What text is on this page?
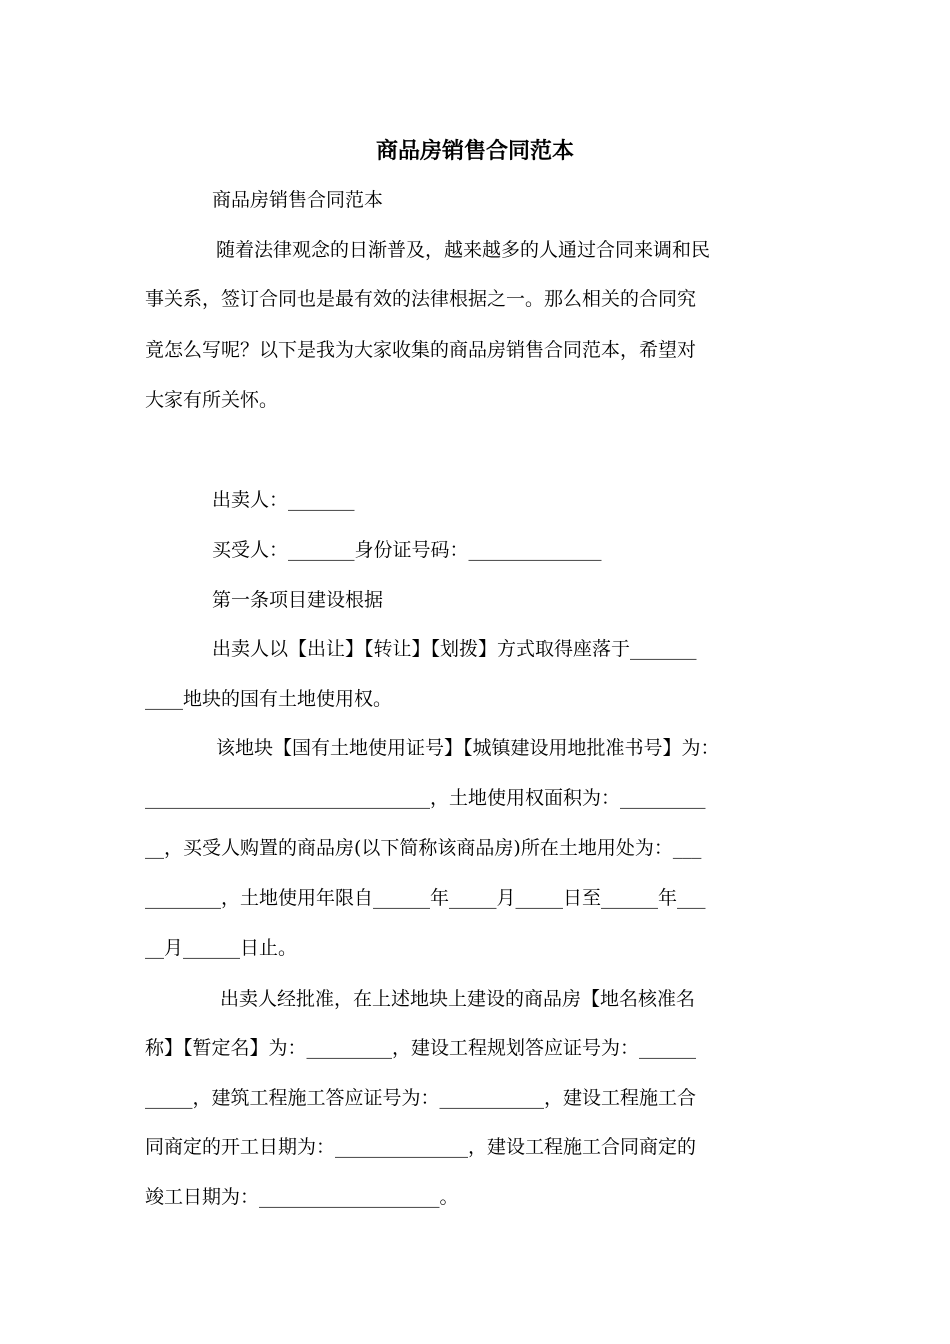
商品房销售合同范本
商品房销售合同范本
随着法律观念的日渐普及，越来越多的人通过合同来调和民
事关系，签订合同也是最有效的法律根据之一。那么相关的合同究
竟怎么写呢？以下是我为大家收集的商品房销售合同范本，希望对
大家有所关怀。
出卖人：_______
买受人：_______身份证号码：______________
第一条项目建设根据
出卖人以【出让】【转让】【划拨】方式取得座落于_______
____地块的国有土地使用权。
该地块【国有土地使用证号】【城镇建设用地批准书号】为：
______________________________，土地使用权面积为：_________
__，买受人购置的商品房(以下简称该商品房)所在土地用处为：___
________，土地使用年限自______年_____月_____日至______年___
__月______日止。
出卖人经批准，在上述地块上建设的商品房【地名核准名
称】【暂定名】为：_________，建设工程规划答应证号为：______
_____，建筑工程施工答应证号为：___________，建设工程施工合
同商定的开工日期为：______________，建设工程施工合同商定的
竣工日期为：___________________。
